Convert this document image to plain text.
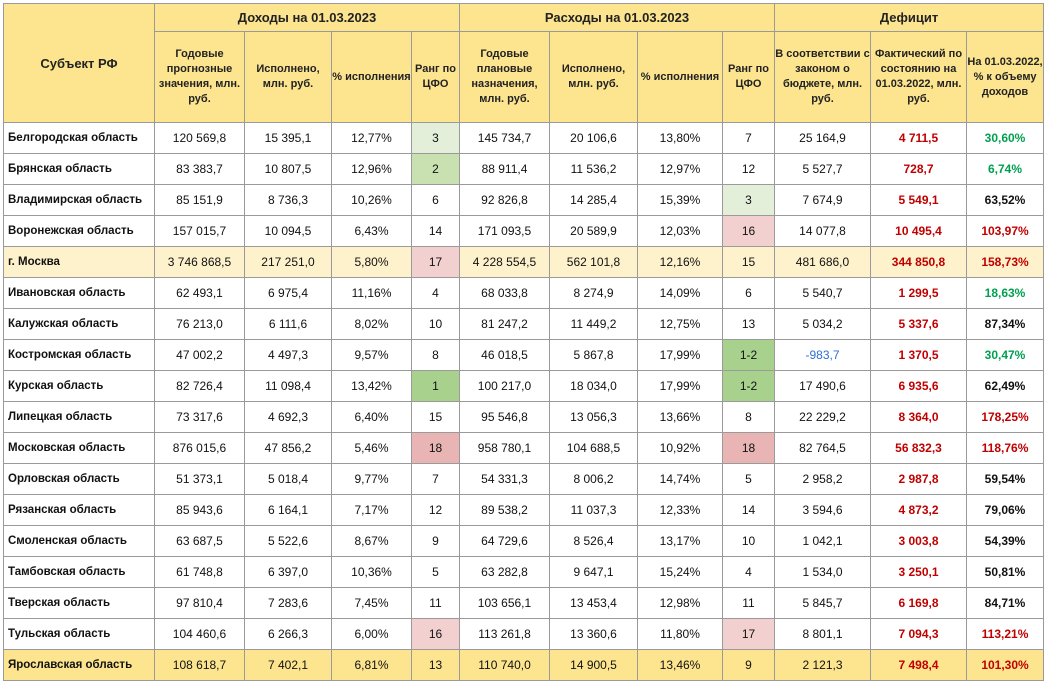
Субъект РФ	Доходы на 01.03.2023				Расходы на 01.03.2023				Дефицит		
	Годовые прогнозные значения, млн. руб.	Исполнено, млн. руб.	% исполнения	Ранг по ЦФО	Годовые плановые назначения, млн. руб.	Исполнено, млн. руб.	% исполнения	Ранг по ЦФО	В соответствии с законом о бюджете, млн. руб.	Фактический по состоянию на 01.03.2022, млн. руб.	На 01.03.2022, % к объему доходов
Белгородская область	120 569,8	15 395,1	12,77%	3	145 734,7	20 106,6	13,80%	7	25 164,9	4 711,5	30,60%
Брянская область	83 383,7	10 807,5	12,96%	2	88 911,4	11 536,2	12,97%	12	5 527,7	728,7	6,74%
Владимирская область	85 151,9	8 736,3	10,26%	6	92 826,8	14 285,4	15,39%	3	7 674,9	5 549,1	63,52%
Воронежская область	157 015,7	10 094,5	6,43%	14	171 093,5	20 589,9	12,03%	16	14 077,8	10 495,4	103,97%
г. Москва	3 746 868,5	217 251,0	5,80%	17	4 228 554,5	562 101,8	12,16%	15	481 686,0	344 850,8	158,73%
Ивановская область	62 493,1	6 975,4	11,16%	4	68 033,8	8 274,9	14,09%	6	5 540,7	1 299,5	18,63%
Калужская область	76 213,0	6 111,6	8,02%	10	81 247,2	11 449,2	12,75%	13	5 034,2	5 337,6	87,34%
Костромская область	47 002,2	4 497,3	9,57%	8	46 018,5	5 867,8	17,99%	1-2	-983,7	1 370,5	30,47%
Курская область	82 726,4	11 098,4	13,42%	1	100 217,0	18 034,0	17,99%	1-2	17 490,6	6 935,6	62,49%
Липецкая область	73 317,6	4 692,3	6,40%	15	95 546,8	13 056,3	13,66%	8	22 229,2	8 364,0	178,25%
Московская область	876 015,6	47 856,2	5,46%	18	958 780,1	104 688,5	10,92%	18	82 764,5	56 832,3	118,76%
Орловская область	51 373,1	5 018,4	9,77%	7	54 331,3	8 006,2	14,74%	5	2 958,2	2 987,8	59,54%
Рязанская область	85 943,6	6 164,1	7,17%	12	89 538,2	11 037,3	12,33%	14	3 594,6	4 873,2	79,06%
Смоленская область	63 687,5	5 522,6	8,67%	9	64 729,6	8 526,4	13,17%	10	1 042,1	3 003,8	54,39%
Тамбовская область	61 748,8	6 397,0	10,36%	5	63 282,8	9 647,1	15,24%	4	1 534,0	3 250,1	50,81%
Тверская область	97 810,4	7 283,6	7,45%	11	103 656,1	13 453,4	12,98%	11	5 845,7	6 169,8	84,71%
Тульская область	104 460,6	6 266,3	6,00%	16	113 261,8	13 360,6	11,80%	17	8 801,1	7 094,3	113,21%
Ярославская область	108 618,7	7 402,1	6,81%	13	110 740,0	14 900,5	13,46%	9	2 121,3	7 498,4	101,30%
